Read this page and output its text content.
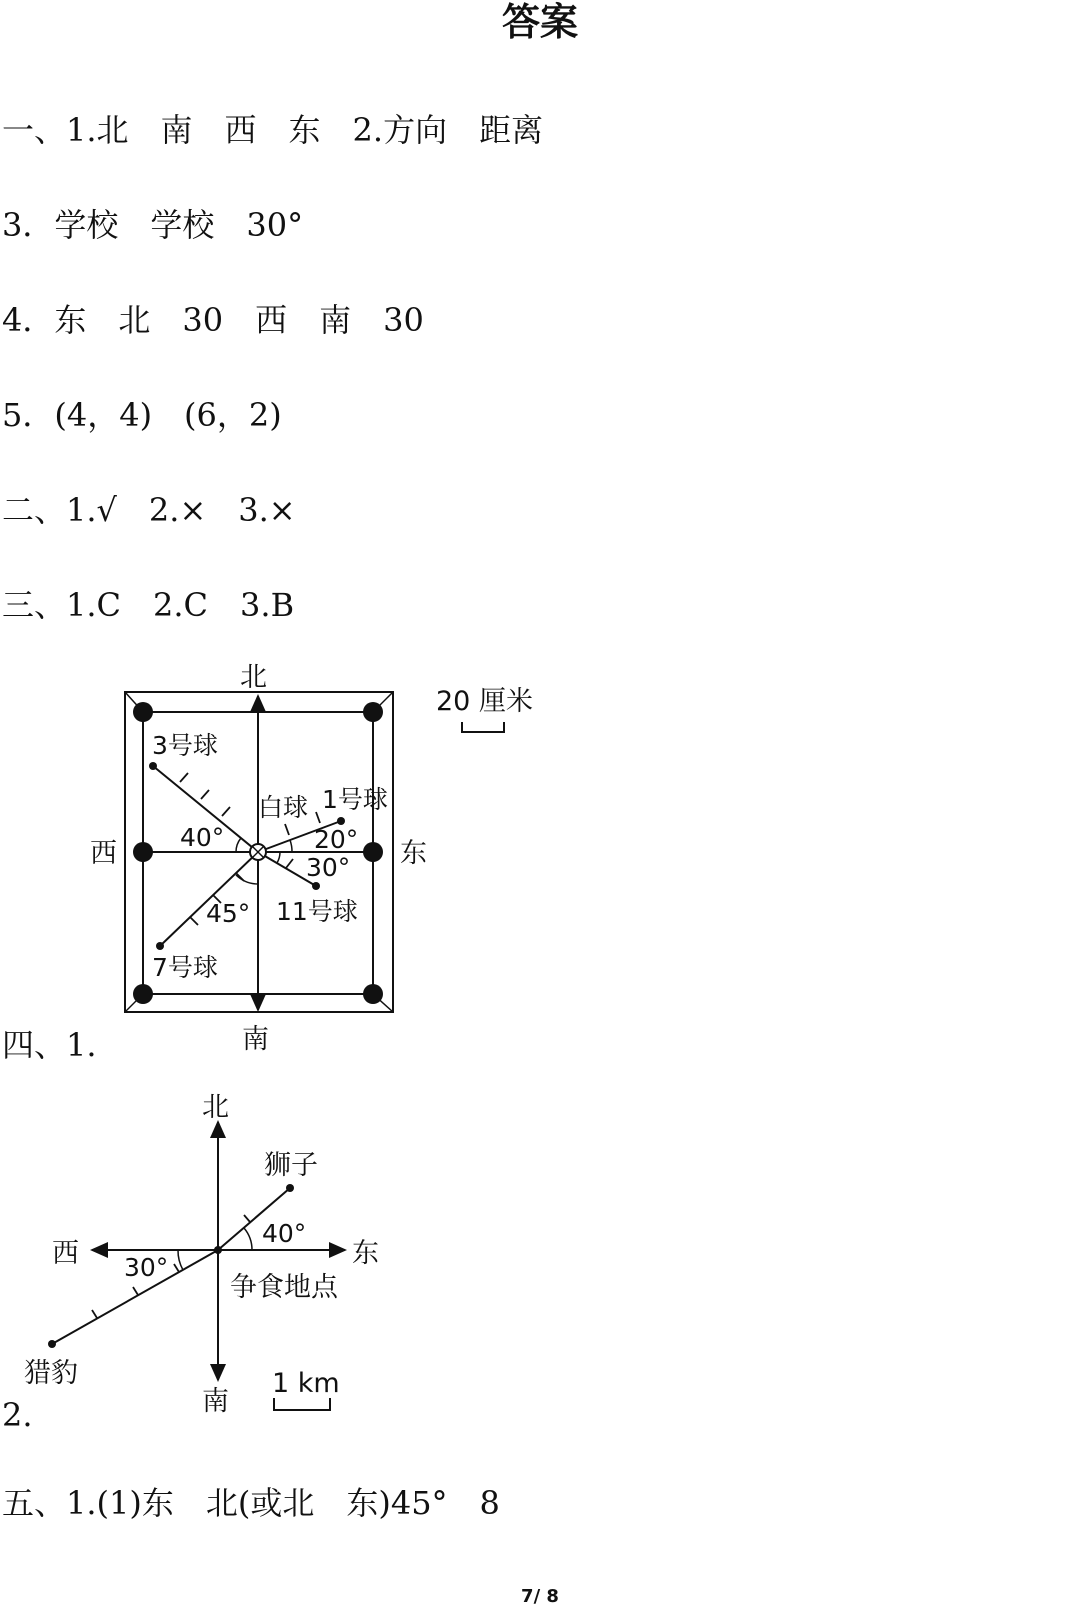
答案
一、1.北　南　西　东　2.方向　距离
3．学校　学校　30°
4．东　北　30　西　南　30
5．(4，4)　(6，2)
二、1.√　2.×　3.×
三、1.C　2.C　3.B
四、1.
2.
五、1.(1)东　北(或北　东)45°　8
北
南
西	东
20 厘米
3号球
白球 1号球
11号球
7号球
40°	20°
30°
45°
北
南
西	东
狮子
40°
30°
争食地点
猎豹	1 km
7/ 8
